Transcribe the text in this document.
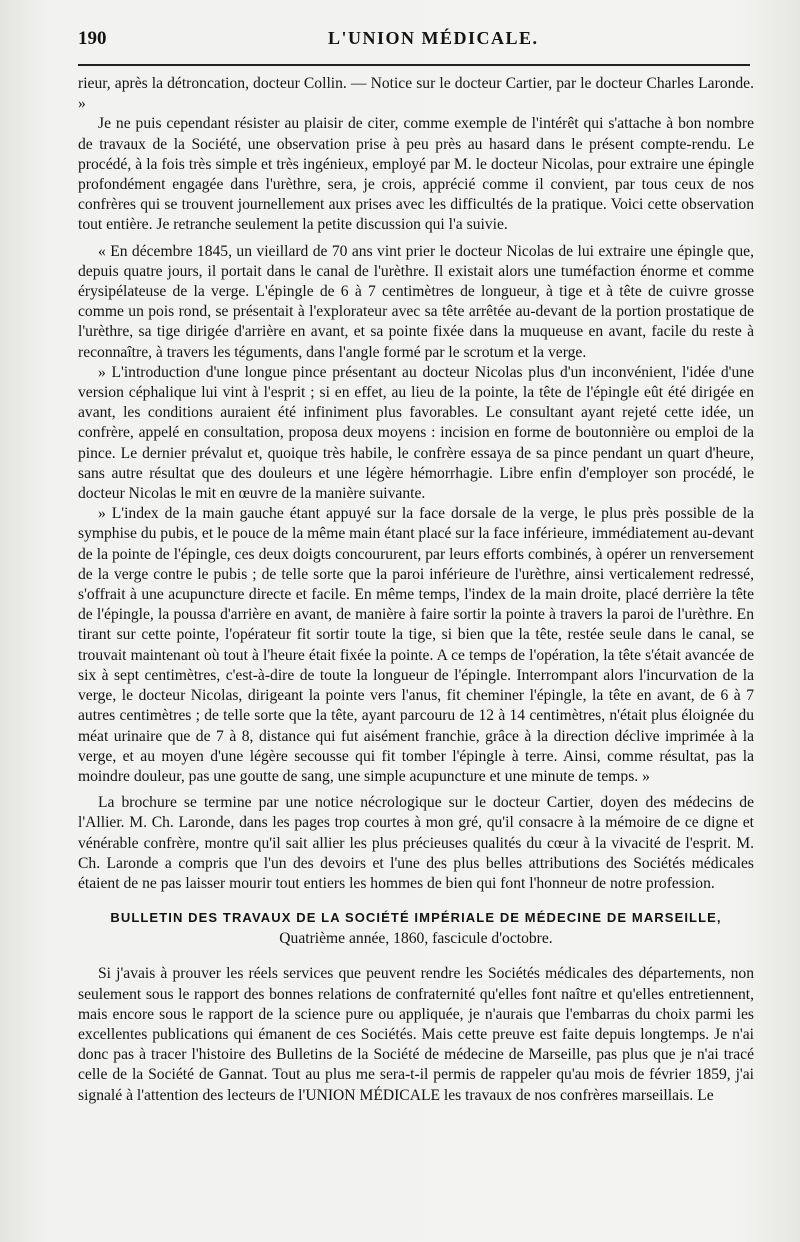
190	L'UNION MÉDICALE.

rieur, après la détroncation, docteur Collin. — Notice sur le docteur Cartier, par le docteur Charles Laronde. »

Je ne puis cependant résister au plaisir de citer, comme exemple de l'intérêt qui s'attache à bon nombre de travaux de la Société, une observation prise à peu près au hasard dans le présent compte-rendu. Le procédé, à la fois très simple et très ingénieux, employé par M. le docteur Nicolas, pour extraire une épingle profondément engagée dans l'urèthre, sera, je crois, apprécié comme il convient, par tous ceux de nos confrères qui se trouvent journellement aux prises avec les difficultés de la pratique. Voici cette observation tout entière. Je retranche seulement la petite discussion qui l'a suivie.

« En décembre 1845, un vieillard de 70 ans vint prier le docteur Nicolas de lui extraire une épingle que, depuis quatre jours, il portait dans le canal de l'urèthre. Il existait alors une tuméfaction énorme et comme érysipélateuse de la verge. L'épingle de 6 à 7 centimètres de longueur, à tige et à tête de cuivre grosse comme un pois rond, se présentait à l'explorateur avec sa tête arrêtée au-devant de la portion prostatique de l'urèthre, sa tige dirigée d'arrière en avant, et sa pointe fixée dans la muqueuse en avant, facile du reste à reconnaître, à travers les téguments, dans l'angle formé par le scrotum et la verge.

» L'introduction d'une longue pince présentant au docteur Nicolas plus d'un inconvénient, l'idée d'une version céphalique lui vint à l'esprit ; si en effet, au lieu de la pointe, la tête de l'épingle eût été dirigée en avant, les conditions auraient été infiniment plus favorables. Le consultant ayant rejeté cette idée, un confrère, appelé en consultation, proposa deux moyens : incision en forme de boutonnière ou emploi de la pince. Le dernier prévalut et, quoique très habile, le confrère essaya de sa pince pendant un quart d'heure, sans autre résultat que des douleurs et une légère hémorrhagie. Libre enfin d'employer son procédé, le docteur Nicolas le mit en œuvre de la manière suivante.

» L'index de la main gauche étant appuyé sur la face dorsale de la verge, le plus près possible de la symphise du pubis, et le pouce de la même main étant placé sur la face inférieure, immédiatement au-devant de la pointe de l'épingle, ces deux doigts concoururent, par leurs efforts combinés, à opérer un renversement de la verge contre le pubis ; de telle sorte que la paroi inférieure de l'urèthre, ainsi verticalement redressé, s'offrait à une acupuncture directe et facile. En même temps, l'index de la main droite, placé derrière la tête de l'épingle, la poussa d'arrière en avant, de manière à faire sortir la pointe à travers la paroi de l'urèthre. En tirant sur cette pointe, l'opérateur fit sortir toute la tige, si bien que la tête, restée seule dans le canal, se trouvait maintenant où tout à l'heure était fixée la pointe. A ce temps de l'opération, la tête s'était avancée de six à sept centimètres, c'est-à-dire de toute la longueur de l'épingle. Interrompant alors l'incurvation de la verge, le docteur Nicolas, dirigeant la pointe vers l'anus, fit cheminer l'épingle, la tête en avant, de 6 à 7 autres centimètres ; de telle sorte que la tête, ayant parcouru de 12 à 14 centimètres, n'était plus éloignée du méat urinaire que de 7 à 8, distance qui fut aisément franchie, grâce à la direction déclive imprimée à la verge, et au moyen d'une légère secousse qui fit tomber l'épingle à terre. Ainsi, comme résultat, pas la moindre douleur, pas une goutte de sang, une simple acupuncture et une minute de temps. »

La brochure se termine par une notice nécrologique sur le docteur Cartier, doyen des médecins de l'Allier. M. Ch. Laronde, dans les pages trop courtes à mon gré, qu'il consacre à la mémoire de ce digne et vénérable confrère, montre qu'il sait allier les plus précieuses qualités du cœur à la vivacité de l'esprit. M. Ch. Laronde a compris que l'un des devoirs et l'une des plus belles attributions des Sociétés médicales étaient de ne pas laisser mourir tout entiers les hommes de bien qui font l'honneur de notre profession.

BULLETIN DES TRAVAUX DE LA SOCIÉTÉ IMPÉRIALE DE MÉDECINE DE MARSEILLE,
Quatrième année, 1860, fascicule d'octobre.

Si j'avais à prouver les réels services que peuvent rendre les Sociétés médicales des départements, non seulement sous le rapport des bonnes relations de confraternité qu'elles font naître et qu'elles entretiennent, mais encore sous le rapport de la science pure ou appliquée, je n'aurais que l'embarras du choix parmi les excellentes publications qui émanent de ces Sociétés. Mais cette preuve est faite depuis longtemps. Je n'ai donc pas à tracer l'histoire des Bulletins de la Société de médecine de Marseille, pas plus que je n'ai tracé celle de la Société de Gannat. Tout au plus me sera-t-il permis de rappeler qu'au mois de février 1859, j'ai signalé à l'attention des lecteurs de l'UNION MÉDICALE les travaux de nos confrères marseillais. Le
